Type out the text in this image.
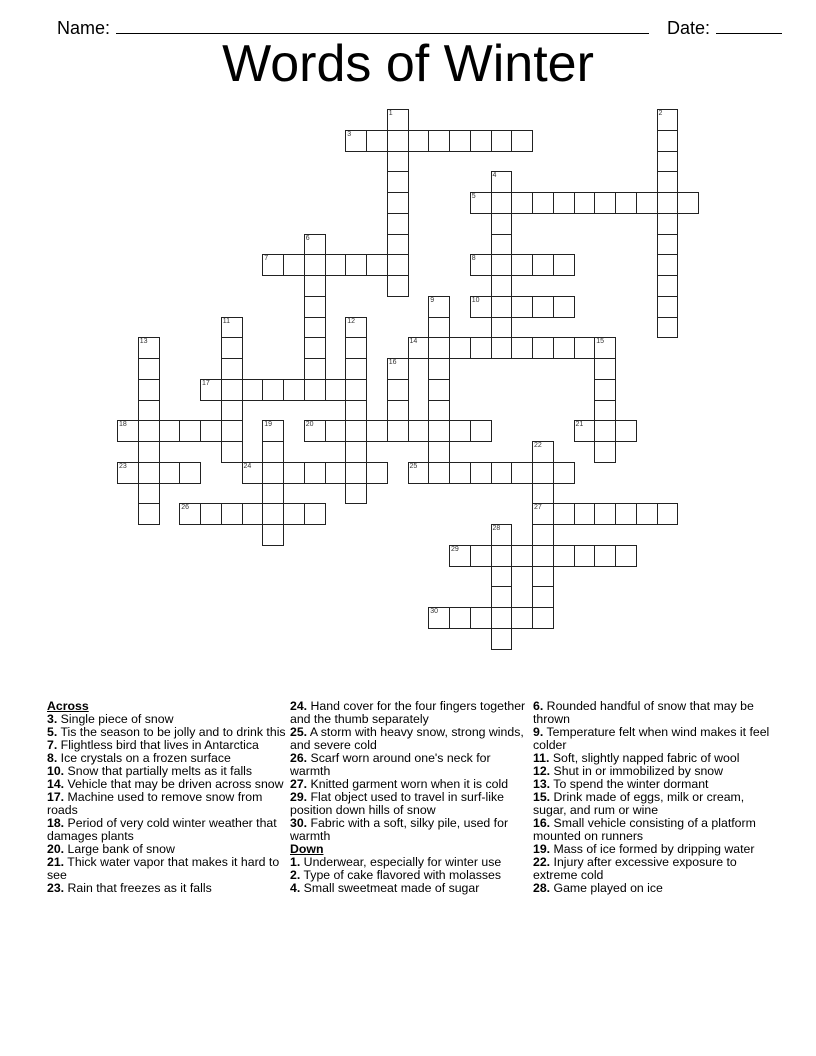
Name:	Date:

Words of Winter
1	2
3
4
5
6
7	8
9	10
11	12
13	14	15
16
17
18	19	20	21
22
27
23	24	25
26
28
29
30
Across
3. Single piece of snow
5. Tis the season to be jolly and to drink this
7. Flightless bird that lives in Antarctica
8. Ice crystals on a frozen surface
10. Snow that partially melts as it falls
14. Vehicle that may be driven across snow
17. Machine used to remove snow from roads
18. Period of very cold winter weather that damages plants
20. Large bank of snow
21. Thick water vapor that makes it hard to see
23. Rain that freezes as it falls
24. Hand cover for the four fingers together and the thumb separately
25. A storm with heavy snow, strong winds, and severe cold
26. Scarf worn around one's neck for warmth
27. Knitted garment worn when it is cold
29. Flat object used to travel in surf-like position down hills of snow
30. Fabric with a soft, silky pile, used for warmth
Down
1. Underwear, especially for winter use
2. Type of cake flavored with molasses
4. Small sweetmeat made of sugar
6. Rounded handful of snow that may be thrown
9. Temperature felt when wind makes it feel colder
11. Soft, slightly napped fabric of wool
12. Shut in or immobilized by snow
13. To spend the winter dormant
15. Drink made of eggs, milk or cream, sugar, and rum or wine
16. Small vehicle consisting of a platform mounted on runners
19. Mass of ice formed by dripping water
22. Injury after excessive exposure to extreme cold
28. Game played on ice
